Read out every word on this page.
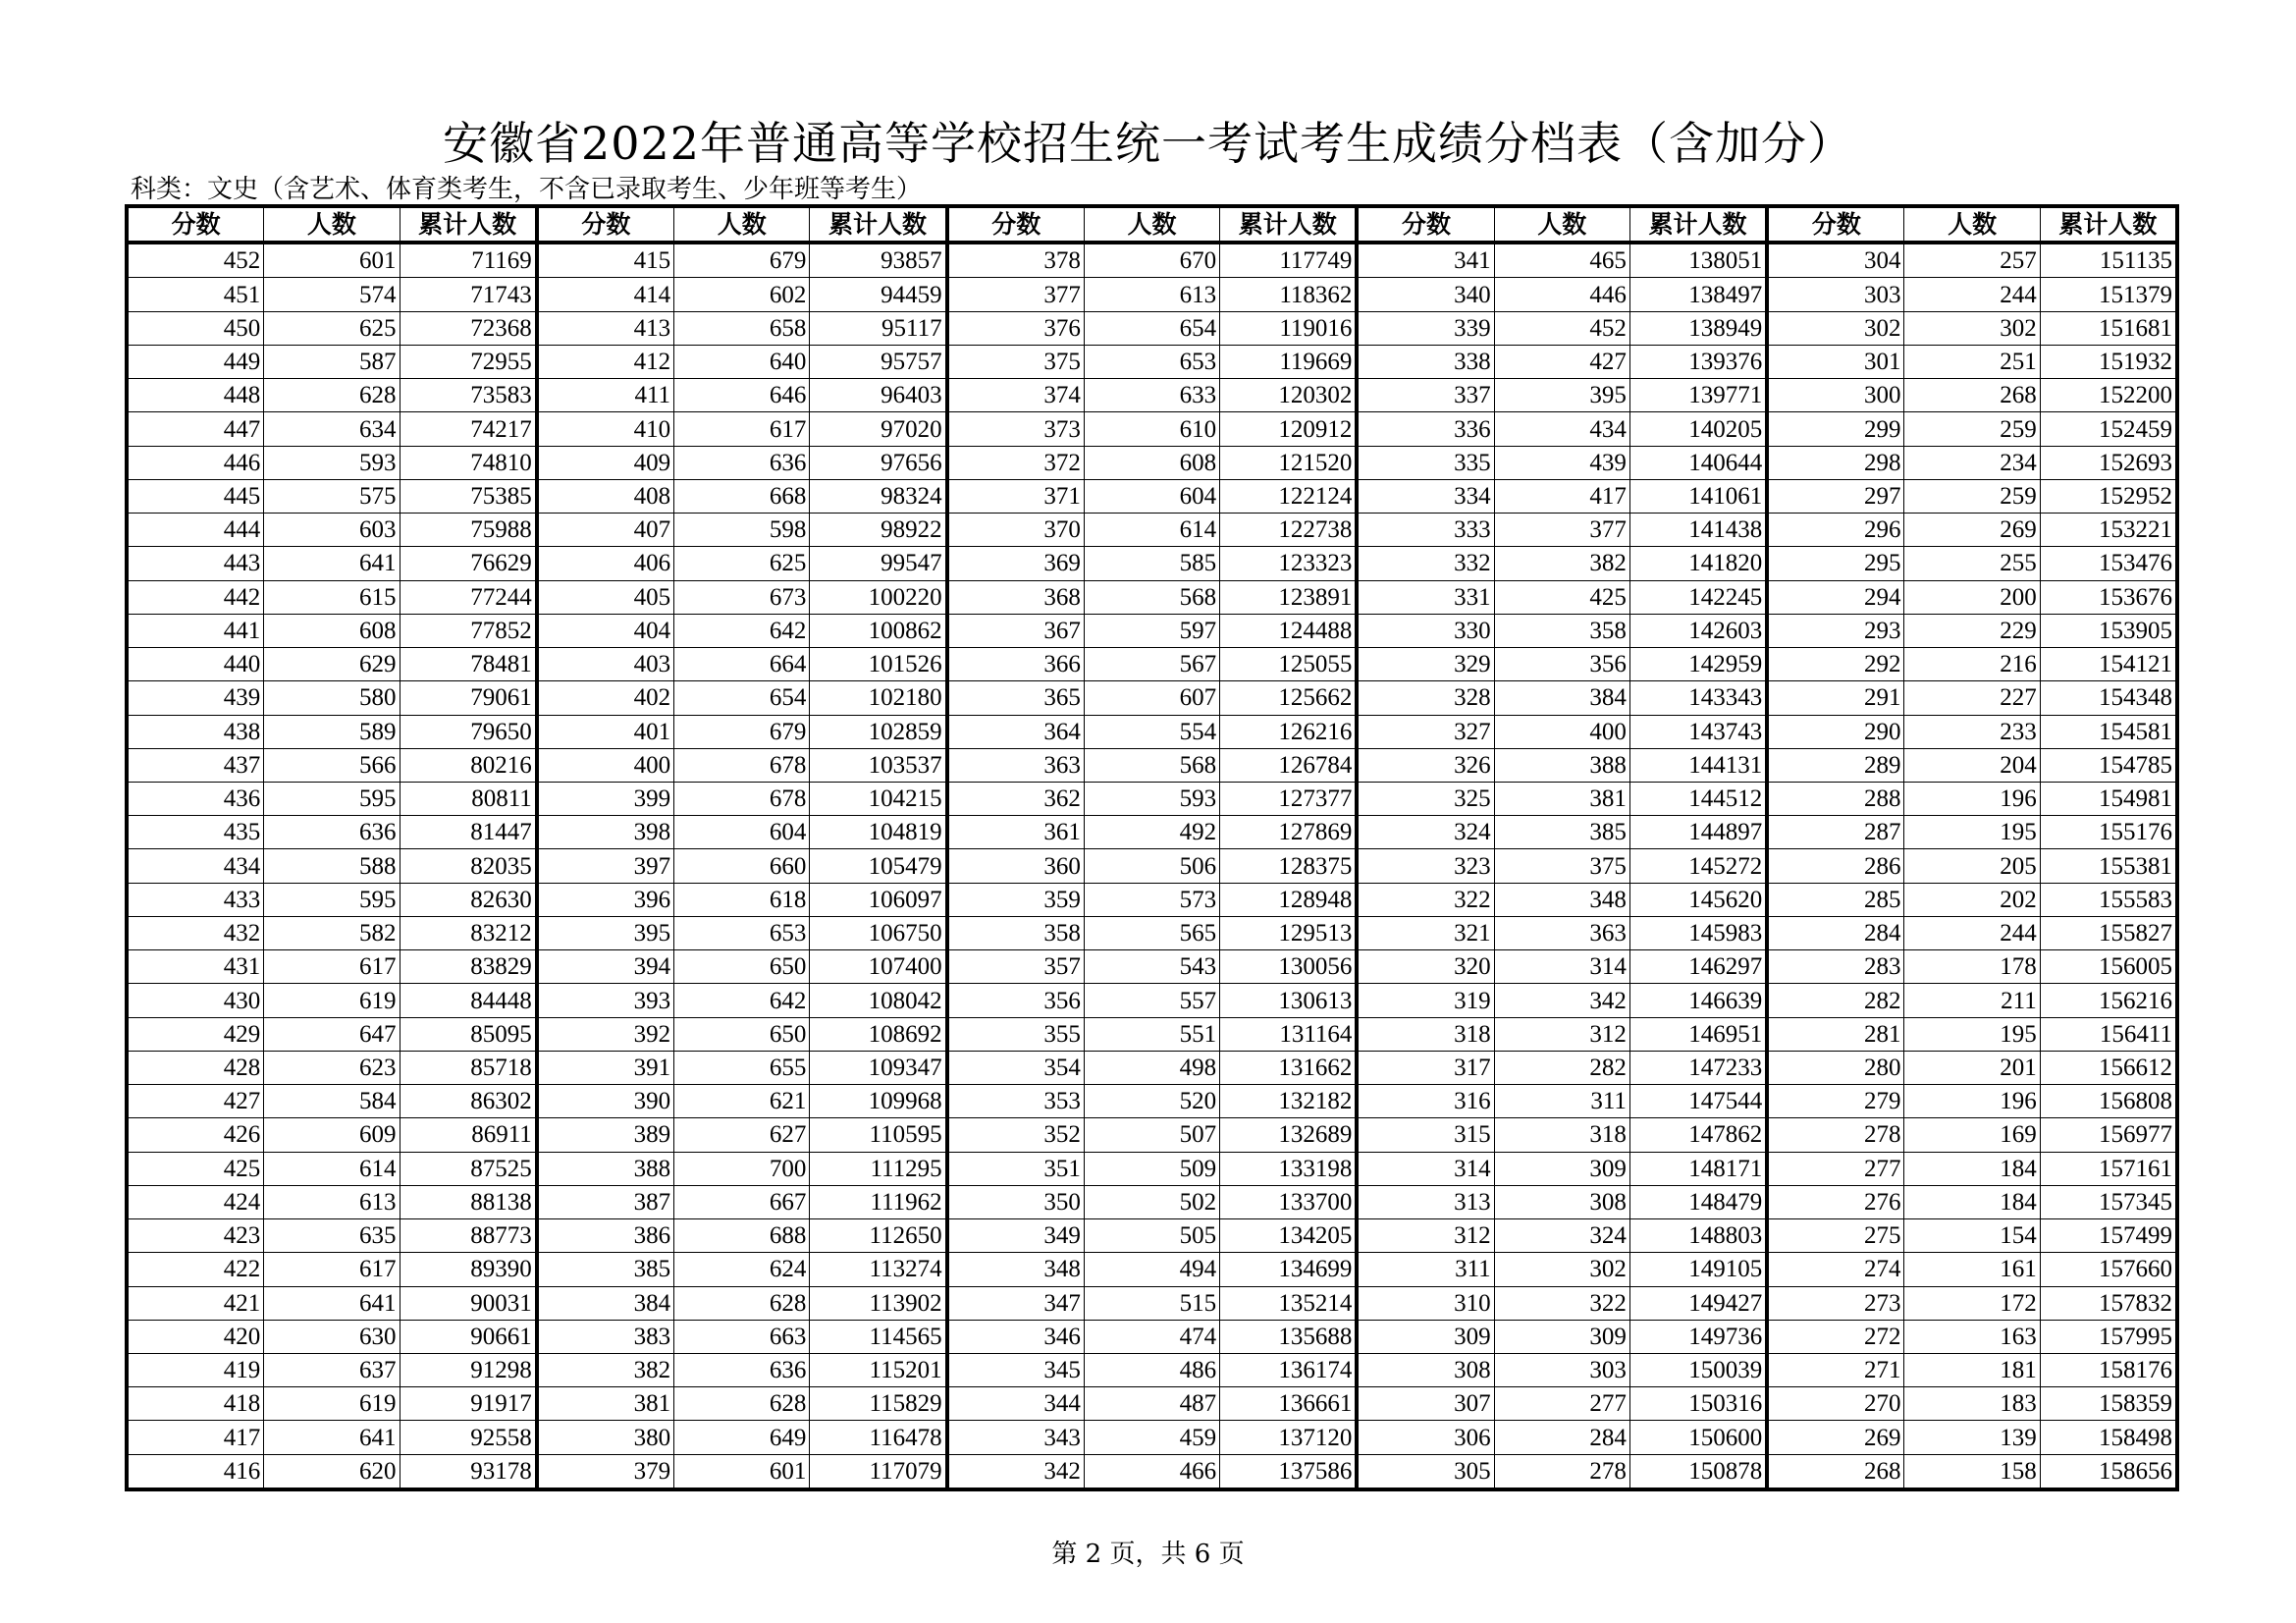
安徽省2022年普通高等学校招生统一考试考生成绩分档表（含加分）
科类：文史（含艺术、体育类考生，不含已录取考生、少年班等考生）
分数	人数	累计人数
452	601	71169
451	574	71743
450	625	72368
449	587	72955
448	628	73583
447	634	74217
446	593	74810
445	575	75385
444	603	75988
443	641	76629
442	615	77244
441	608	77852
440	629	78481
439	580	79061
438	589	79650
437	566	80216
436	595	80811
435	636	81447
434	588	82035
433	595	82630
432	582	83212
431	617	83829
430	619	84448
429	647	85095
428	623	85718
427	584	86302
426	609	86911
425	614	87525
424	613	88138
423	635	88773
422	617	89390
421	641	90031
420	630	90661
419	637	91298
418	619	91917
417	641	92558
416	620	93178
分数	人数	累计人数
415	679	93857
414	602	94459
413	658	95117
412	640	95757
411	646	96403
410	617	97020
409	636	97656
408	668	98324
407	598	98922
406	625	99547
405	673	100220
404	642	100862
403	664	101526
402	654	102180
401	679	102859
400	678	103537
399	678	104215
398	604	104819
397	660	105479
396	618	106097
395	653	106750
394	650	107400
393	642	108042
392	650	108692
391	655	109347
390	621	109968
389	627	110595
388	700	111295
387	667	111962
386	688	112650
385	624	113274
384	628	113902
383	663	114565
382	636	115201
381	628	115829
380	649	116478
379	601	117079
分数	人数	累计人数
378	670	117749
377	613	118362
376	654	119016
375	653	119669
374	633	120302
373	610	120912
372	608	121520
371	604	122124
370	614	122738
369	585	123323
368	568	123891
367	597	124488
366	567	125055
365	607	125662
364	554	126216
363	568	126784
362	593	127377
361	492	127869
360	506	128375
359	573	128948
358	565	129513
357	543	130056
356	557	130613
355	551	131164
354	498	131662
353	520	132182
352	507	132689
351	509	133198
350	502	133700
349	505	134205
348	494	134699
347	515	135214
346	474	135688
345	486	136174
344	487	136661
343	459	137120
342	466	137586
分数	人数	累计人数
341	465	138051
340	446	138497
339	452	138949
338	427	139376
337	395	139771
336	434	140205
335	439	140644
334	417	141061
333	377	141438
332	382	141820
331	425	142245
330	358	142603
329	356	142959
328	384	143343
327	400	143743
326	388	144131
325	381	144512
324	385	144897
323	375	145272
322	348	145620
321	363	145983
320	314	146297
319	342	146639
318	312	146951
317	282	147233
316	311	147544
315	318	147862
314	309	148171
313	308	148479
312	324	148803
311	302	149105
310	322	149427
309	309	149736
308	303	150039
307	277	150316
306	284	150600
305	278	150878
分数	人数	累计人数
304	257	151135
303	244	151379
302	302	151681
301	251	151932
300	268	152200
299	259	152459
298	234	152693
297	259	152952
296	269	153221
295	255	153476
294	200	153676
293	229	153905
292	216	154121
291	227	154348
290	233	154581
289	204	154785
288	196	154981
287	195	155176
286	205	155381
285	202	155583
284	244	155827
283	178	156005
282	211	156216
281	195	156411
280	201	156612
279	196	156808
278	169	156977
277	184	157161
276	184	157345
275	154	157499
274	161	157660
273	172	157832
272	163	157995
271	181	158176
270	183	158359
269	139	158498
268	158	158656
第 2 页，共 6 页
